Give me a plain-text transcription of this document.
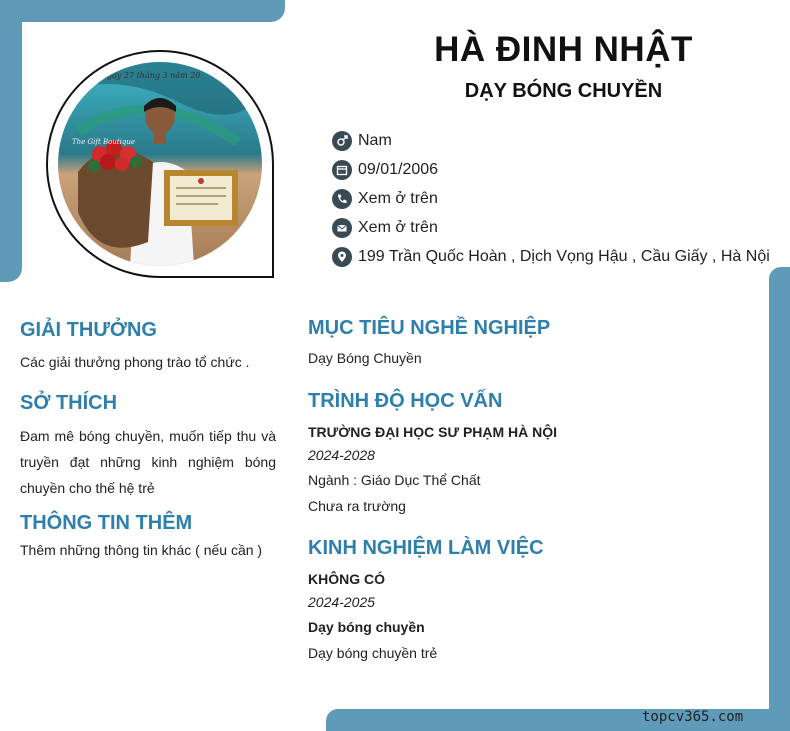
Hà Nội, ngày 27 tháng 3 năm 20
The Gift Boutique
HÀ ĐINH NHẬT
DẠY BÓNG CHUYỀN
Nam
09/01/2006
Xem ở trên
Xem ở trên
199 Trần Quốc Hoàn , Dịch Vọng Hậu , Cầu Giấy , Hà Nội
GIẢI THƯỞNG
Các giải thưởng phong trào tổ chức .
SỞ THÍCH
Đam mê bóng chuyền, muốn tiếp thu và truyền đạt những kinh nghiệm bóng chuyền cho thế hệ trẻ
THÔNG TIN THÊM
Thêm những thông tin khác ( nếu cần )
MỤC TIÊU NGHỀ NGHIỆP
Dạy Bóng Chuyền
TRÌNH ĐỘ HỌC VẤN
TRƯỜNG ĐẠI HỌC SƯ PHẠM HÀ NỘI
2024-2028
Ngành : Giáo Dục Thể Chất
Chưa ra trường
KINH NGHIỆM LÀM VIỆC
KHÔNG CÓ
2024-2025
Dạy bóng chuyền
Dạy bóng chuyền trẻ
topcv365.com
